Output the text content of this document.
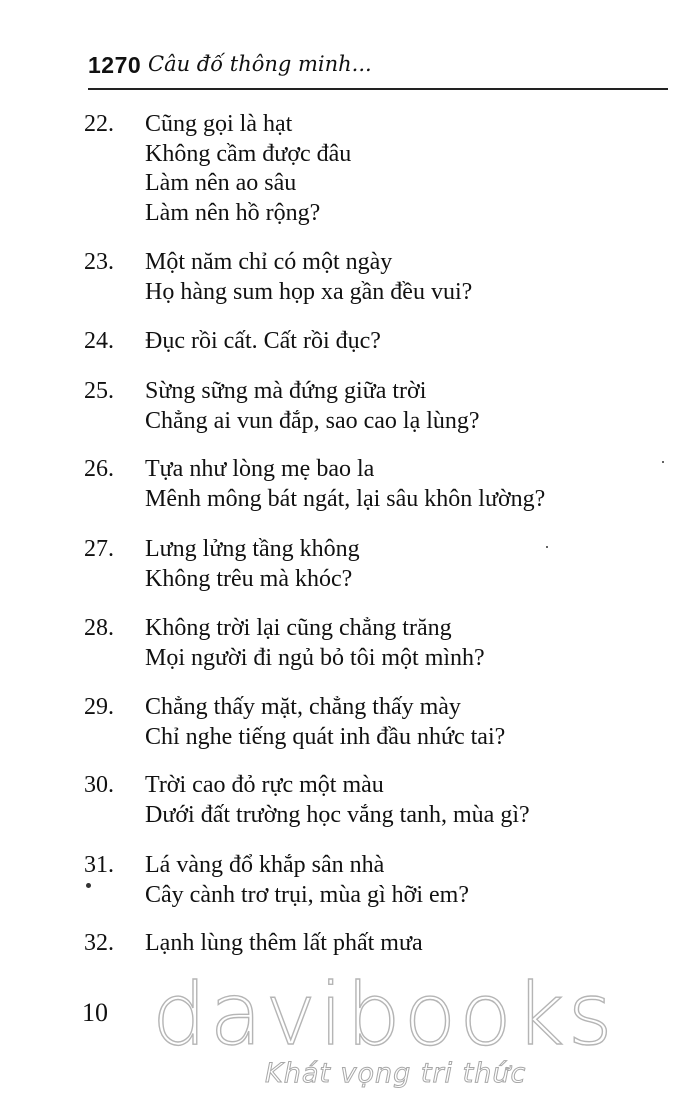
1270 Câu đố thông minh...
22. Cũng gọi là hạt
Không cầm được đâu
Làm nên ao sâu
Làm nên hồ rộng?
23. Một năm chỉ có một ngày
Họ hàng sum họp xa gần đều vui?
24. Đục rồi cất. Cất rồi đục?
25. Sừng sững mà đứng giữa trời
Chẳng ai vun đắp, sao cao lạ lùng?
26. Tựa như lòng mẹ bao la
Mênh mông bát ngát, lại sâu khôn lường?
27. Lưng lửng tầng không
Không trêu mà khóc?
28. Không trời lại cũng chẳng trăng
Mọi người đi ngủ bỏ tôi một mình?
29. Chẳng thấy mặt, chẳng thấy mày
Chỉ nghe tiếng quát inh đầu nhức tai?
30. Trời cao đỏ rực một màu
Dưới đất trường học vắng tanh, mùa gì?
31. Lá vàng đổ khắp sân nhà
Cây cành trơ trụi, mùa gì hỡi em?
32. Lạnh lùng thêm lất phất mưa
10 davibooks
Khát vọng tri thức
